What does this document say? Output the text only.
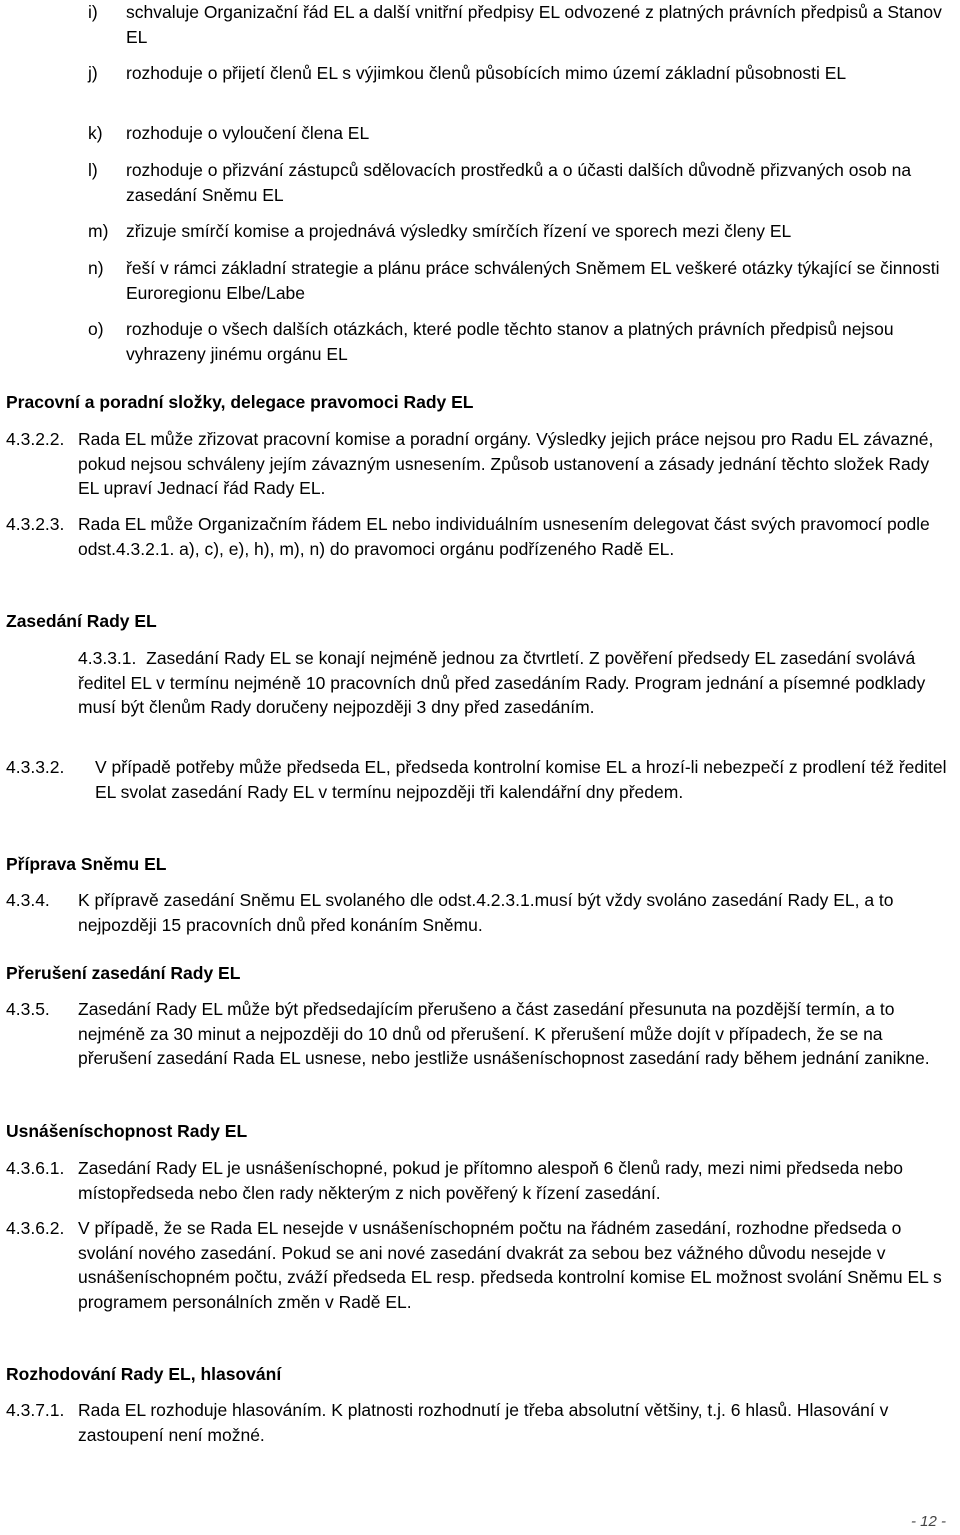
i) schvaluje Organizační řád EL a další vnitřní předpisy EL odvozené z platných právních předpisů a Stanov EL
j) rozhoduje o přijetí členů EL s výjimkou členů působících mimo území základní působnosti EL
k) rozhoduje o vyloučení člena EL
l) rozhoduje o přizvání zástupců sdělovacích prostředků a o účasti dalších důvodně přizvaných osob na zasedání Sněmu EL
m) zřizuje smírčí komise a projednává výsledky smírčích řízení ve sporech mezi členy EL
n) řeší v rámci základní strategie a plánu práce schválených Sněmem EL veškeré otázky týkající se činnosti Euroregionu Elbe/Labe
o) rozhoduje o všech dalších otázkách, které podle těchto stanov a platných právních předpisů nejsou vyhrazeny jinému orgánu EL
Pracovní a poradní složky, delegace pravomoci Rady EL
4.3.2.2. Rada EL může zřizovat pracovní komise a poradní orgány. Výsledky jejich práce nejsou pro Radu EL závazné, pokud nejsou schváleny jejím závazným usnesením. Způsob ustanovení a zásady jednání těchto složek Rady EL upraví Jednací řád Rady EL.
4.3.2.3. Rada EL může Organizačním řádem EL nebo individuálním usnesením delegovat část svých pravomocí podle odst.4.3.2.1. a), c), e), h), m), n) do pravomoci orgánu podřízeného Radě EL.
Zasedání Rady EL
4.3.3.1. Zasedání Rady EL se konají nejméně jednou za čtvrtletí. Z pověření předsedy EL zasedání svolává ředitel EL v termínu nejméně 10 pracovních dnů před zasedáním Rady. Program jednání a písemné podklady musí být členům Rady doručeny nejpozději 3 dny před zasedáním.
4.3.3.2. V případě potřeby může předseda EL, předseda kontrolní komise EL a hrozí-li nebezpečí z prodlení též ředitel EL svolat zasedání Rady EL v termínu nejpozději tři kalendářní dny předem.
Příprava Sněmu EL
4.3.4. K přípravě zasedání Sněmu EL svolaného dle odst.4.2.3.1.musí být vždy svoláno zasedání Rady EL, a to nejpozději 15 pracovních dnů před konáním Sněmu.
Přerušení zasedání Rady EL
4.3.5. Zasedání Rady EL může být předsedajícím přerušeno a část zasedání přesunuta na pozdější termín, a to nejméně za 30 minut a nejpozději do 10 dnů od přerušení. K přerušení může dojít v případech, že se na přerušení zasedání Rada EL usnese, nebo jestliže usnášeníschopnost zasedání rady během jednání zanikne.
Usnášeníschopnost Rady EL
4.3.6.1. Zasedání Rady EL je usnášeníschopné, pokud je přítomno alespoň 6 členů rady, mezi nimi předseda nebo místopředseda nebo člen rady některým z nich pověřený k řízení zasedání.
4.3.6.2. V případě, že se Rada EL nesejde v usnášeníschopném počtu na řádném zasedání, rozhodne předseda o svolání nového zasedání. Pokud se ani nové zasedání dvakrát za sebou bez vážného důvodu nesejde v usnášeníschopném počtu, zváží předseda EL resp. předseda kontrolní komise EL možnost svolání Sněmu EL s programem personálních změn v Radě EL.
Rozhodování Rady EL, hlasování
4.3.7.1. Rada EL rozhoduje hlasováním. K platnosti rozhodnutí je třeba absolutní většiny, t.j. 6 hlasů. Hlasování v zastoupení není možné.
- 12 -
